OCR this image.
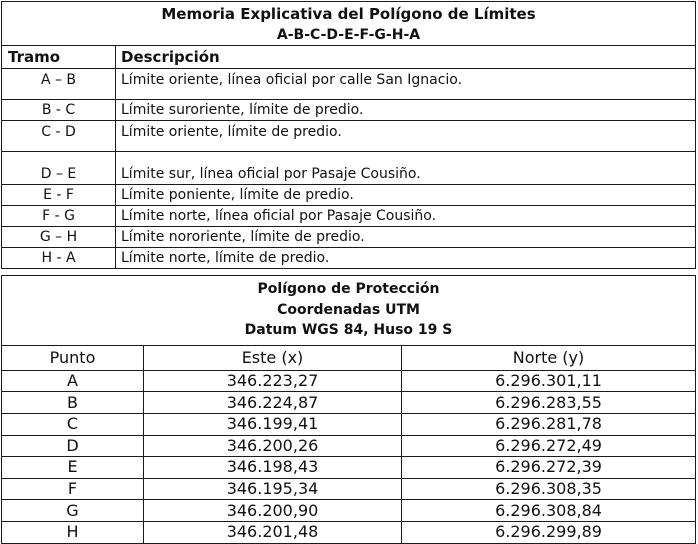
Memoria Explicativa del Polígono de Límites	
A-B-C-D-E-F-G-H-A	
Tramo	Descripción
A – B	Límite oriente, línea oficial por calle San Ignacio.
B - C	Límite suroriente, límite de predio.
C - D	Límite oriente, límite de predio.
D – E	Límite sur, línea oficial por Pasaje Cousiño.
E - F	Límite poniente, límite de predio.
F - G	Límite norte, línea oficial por Pasaje Cousiño.
G – H	Límite nororiente, límite de predio.
H - A	Límite norte, límite de predio.
Polígono de Protección		
Coordenadas UTM		
Datum WGS 84, Huso 19 S		
Punto	Este (x)	Norte (y)
A	346.223,27	6.296.301,11
B	346.224,87	6.296.283,55
C	346.199,41	6.296.281,78
D	346.200,26	6.296.272,49
E	346.198,43	6.296.272,39
F	346.195,34	6.296.308,35
G	346.200,90	6.296.308,84
H	346.201,48	6.296.299,89
